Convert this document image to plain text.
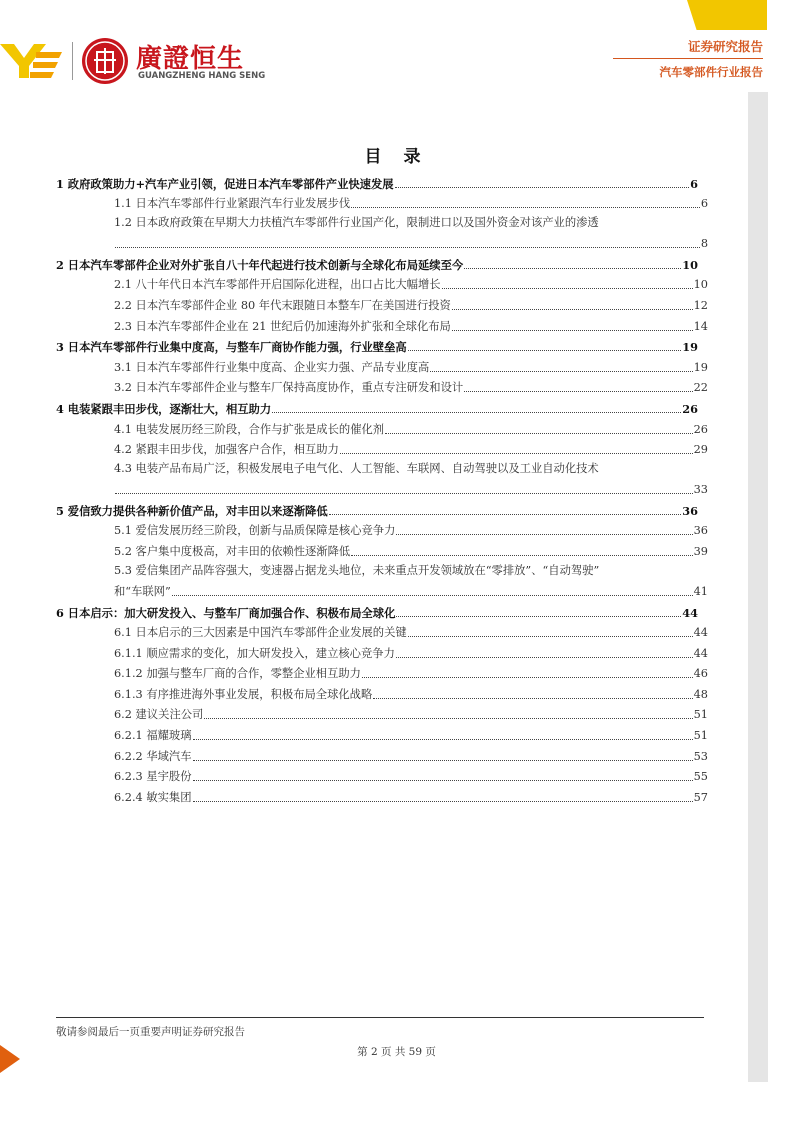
廣證恒生
GUANGZHENG HANG SENG
证券研究报告
汽车零部件行业报告
目 录
1 政府政策助力+汽车产业引领，促进日本汽车零部件产业快速发展	6
1.1 日本汽车零部件行业紧跟汽车行业发展步伐	6
1.2 日本政府政策在早期大力扶植汽车零部件行业国产化，限制进口以及国外资金对该产业的渗透
8
2 日本汽车零部件企业对外扩张自八十年代起进行技术创新与全球化布局延续至今	10
2.1 八十年代日本汽车零部件开启国际化进程，出口占比大幅增长	10
2.2 日本汽车零部件企业 80 年代末跟随日本整车厂在美国进行投资	12
2.3 日本汽车零部件企业在 21 世纪后仍加速海外扩张和全球化布局	14
3 日本汽车零部件行业集中度高，与整车厂商协作能力强，行业壁垒高	19
3.1 日本汽车零部件行业集中度高、企业实力强、产品专业度高	19
3.2 日本汽车零部件企业与整车厂保持高度协作，重点专注研发和设计	22
4 电装紧跟丰田步伐，逐渐壮大，相互助力	26
4.1 电装发展历经三阶段，合作与扩张是成长的催化剂	26
4.2 紧跟丰田步伐，加强客户合作，相互助力	29
4.3 电装产品布局广泛，积极发展电子电气化、人工智能、车联网、自动驾驶以及工业自动化技术
33
5 爱信致力提供各种新价值产品，对丰田以来逐渐降低	36
5.1 爱信发展历经三阶段，创新与品质保障是核心竞争力	36
5.2 客户集中度极高，对丰田的依赖性逐渐降低	39
5.3 爱信集团产品阵容强大，变速器占据龙头地位，未来重点开发领域放在“零排放”、“自动驾驶”
和“车联网”	41
6 日本启示：加大研发投入、与整车厂商加强合作、积极布局全球化	44
6.1 日本启示的三大因素是中国汽车零部件企业发展的关键	44
6.1.1 顺应需求的变化，加大研发投入，建立核心竞争力	44
6.1.2 加强与整车厂商的合作，零整企业相互助力	46
6.1.3 有序推进海外事业发展，积极布局全球化战略	48
6.2 建议关注公司	51
6.2.1 福耀玻璃	51
6.2.2 华域汽车	53
6.2.3 星宇股份	55
6.2.4 敏实集团	57
敬请参阅最后一页重要声明证券研究报告
第 2 页 共 59 页
